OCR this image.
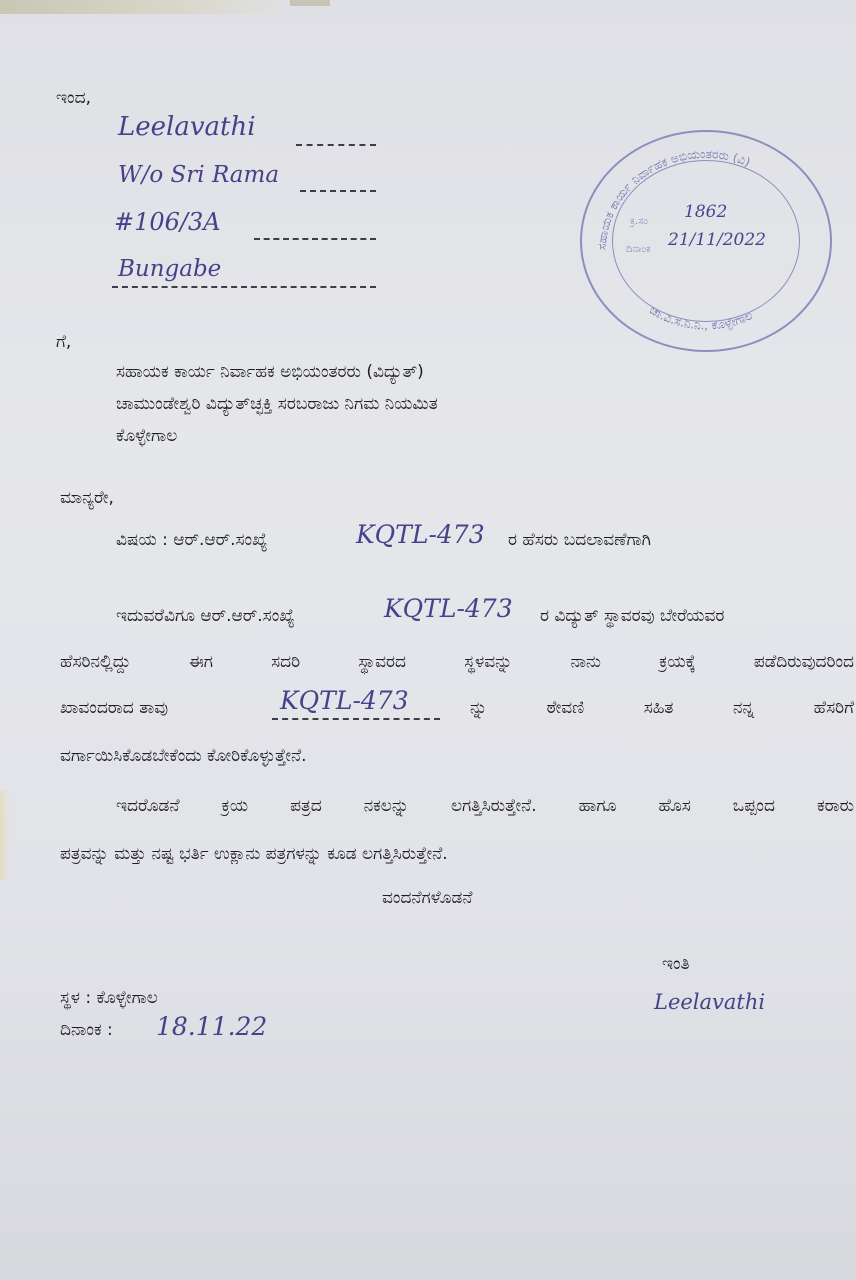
ಇಂದ,
Leelavathi
W/o Sri Rama
#106/3A
Bungabe
ಸಹಾಯಕ ಕಾರ್ಯ ನಿರ್ವಾಹಕ ಅಭಿಯಂತರರು (ವಿ)
ಚಾ.ವಿ.ಸ.ನಿ.ನಿ., ಕೊಳ್ಳೇಗಾಲ
ಕ್ರ.ಸಂ 1862
ದಿನಾಂಕ 21/11/2022
ಗೆ,
ಸಹಾಯಕ ಕಾರ್ಯ ನಿರ್ವಾಹಕ ಅಭಿಯಂತರರು (ವಿದ್ಯುತ್)
ಚಾಮುಂಡೇಶ್ವರಿ ವಿದ್ಯುತ್‌ಚ್ಛಕ್ತಿ ಸರಬರಾಜು ನಿಗಮ ನಿಯಮಿತ
ಕೊಳ್ಳೇಗಾಲ
ಮಾನ್ಯರೇ,
ವಿಷಯ : ಆರ್.ಆರ್.ಸಂಖ್ಯೆ	KQTL-473 ರ ಹೆಸರು ಬದಲಾವಣೆಗಾಗಿ
ಇದುವರೆವಿಗೂ ಆರ್.ಆರ್.ಸಂಖ್ಯೆ	KQTL-473 ರ ವಿದ್ಯುತ್ ಸ್ಥಾವರವು ಬೇರೆಯವರ
ಹೆಸರಿನಲ್ಲಿದ್ದು ಈಗ ಸದರಿ ಸ್ಥಾವರದ ಸ್ಥಳವನ್ನು ನಾನು ಕ್ರಯಕ್ಕೆ ಪಡೆದಿರುವುದರಿಂದ
ಖಾವಂದರಾದ ತಾವು	KQTL-473	ನ್ನು ಠೇವಣಿ ಸಹಿತ ನನ್ನ ಹೆಸರಿಗೆ
ವರ್ಗಾಯಿಸಿಕೊಡಬೇಕೆಂದು ಕೋರಿಕೊಳ್ಳುತ್ತೇನೆ.
ಇದರೊಡನೆ ಕ್ರಯ ಪತ್ರದ ನಕಲನ್ನು ಲಗತ್ತಿಸಿರುತ್ತೇನೆ. ಹಾಗೂ ಹೊಸ ಒಪ್ಪಂದ ಕರಾರು
ಪತ್ರವನ್ನು ಮತ್ತು ನಷ್ಟ ಭರ್ತಿ ಉಕ್ಲಾನು ಪತ್ರಗಳನ್ನು ಕೂಡ ಲಗತ್ತಿಸಿರುತ್ತೇನೆ.
ವಂದನೆಗಳೊಡನೆ
ಇಂತಿ
Leelavathi
ಸ್ಥಳ : ಕೊಳ್ಳೇಗಾಲ
ದಿನಾಂಕ : 18.11.22
